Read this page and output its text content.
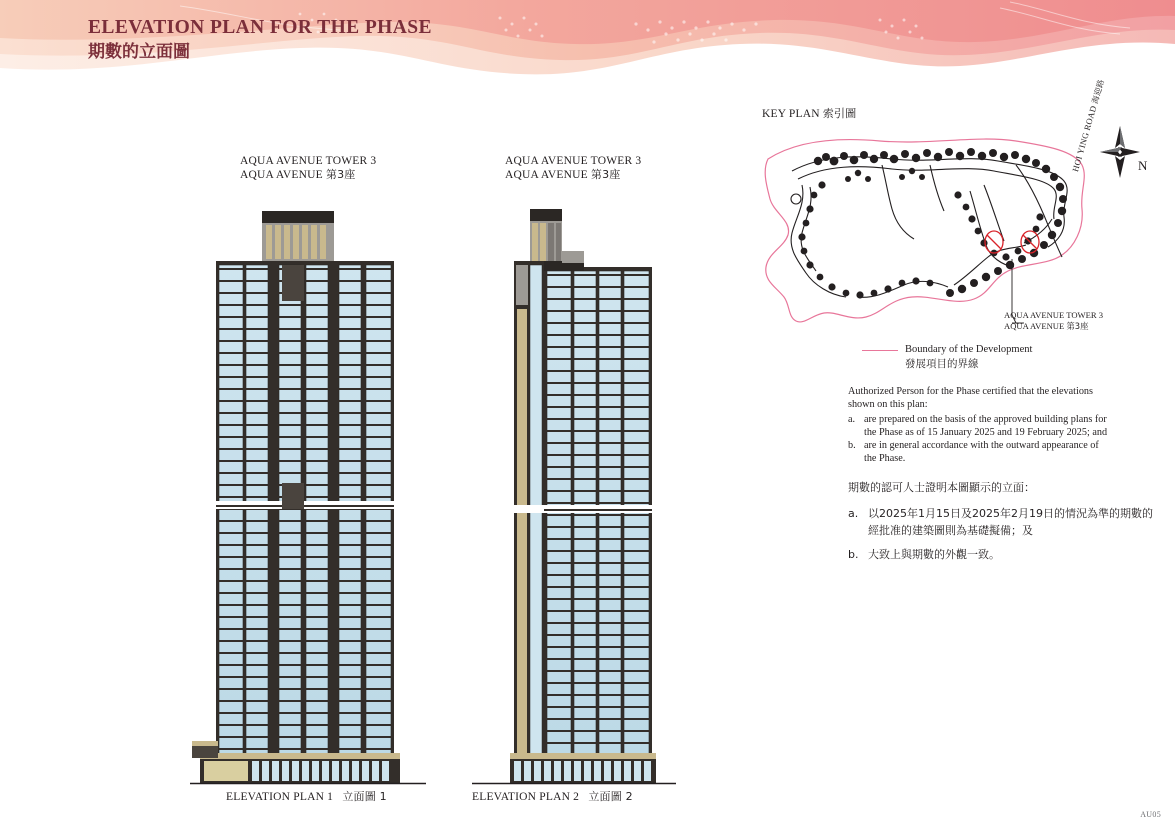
ELEVATION PLAN FOR THE PHASE
期數的立面圖
AQUA AVENUE TOWER 3
AQUA AVENUE 第3座
ELEVATION PLAN 1 立面圖 1
AQUA AVENUE TOWER 3
AQUA AVENUE 第3座
ELEVATION PLAN 2 立面圖 2
KEY PLAN 索引圖
N
HOI YING ROAD 海迎路
AQUA AVENUE TOWER 3
AQUA AVENUE 第3座
Boundary of the Development
發展項目的界線

Authorized Person for the Phase certified that the elevations

shown on this plan:

a. are prepared on the basis of the approved building plans for
the Phase as of 15 January 2025 and 19 February 2025; and
b. are in general accordance with the outward appearance of
the Phase.
期數的認可人士證明本圖顯示的立面：
a. 以2025年1月15日及2025年2月19日的情況為準的期數的
經批准的建築圖則為基礎擬備；及
b. 大致上與期數的外觀一致。
AU05
